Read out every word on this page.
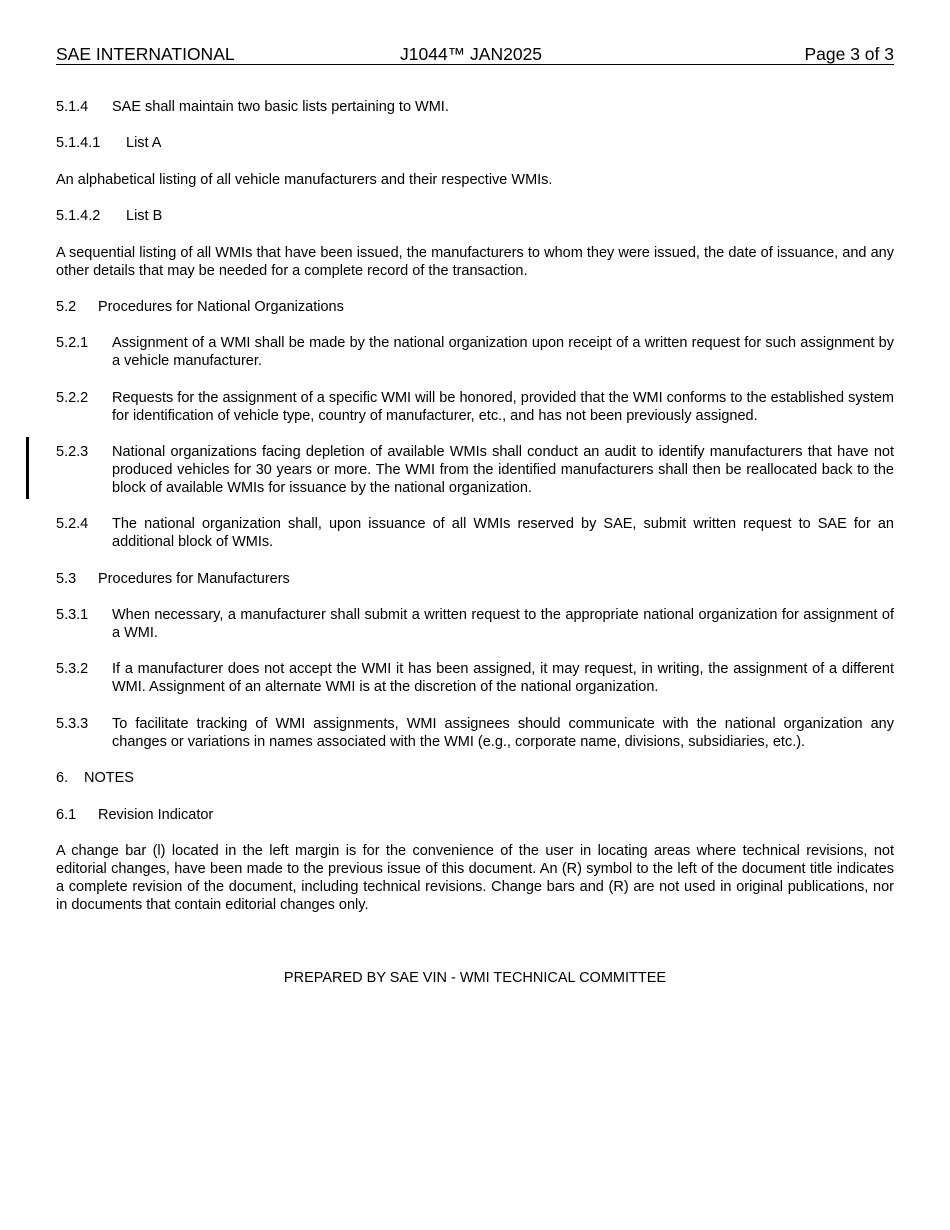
SAE INTERNATIONAL	J1044™ JAN2025	Page 3 of 3
5.1.4 SAE shall maintain two basic lists pertaining to WMI.
5.1.4.1 List A
An alphabetical listing of all vehicle manufacturers and their respective WMIs.
5.1.4.2 List B
A sequential listing of all WMIs that have been issued, the manufacturers to whom they were issued, the date of issuance, and any other details that may be needed for a complete record of the transaction.
5.2 Procedures for National Organizations
5.2.1 Assignment of a WMI shall be made by the national organization upon receipt of a written request for such assignment by a vehicle manufacturer.
5.2.2 Requests for the assignment of a specific WMI will be honored, provided that the WMI conforms to the established system for identification of vehicle type, country of manufacturer, etc., and has not been previously assigned.
5.2.3 National organizations facing depletion of available WMIs shall conduct an audit to identify manufacturers that have not produced vehicles for 30 years or more. The WMI from the identified manufacturers shall then be reallocated back to the block of available WMIs for issuance by the national organization.
5.2.4 The national organization shall, upon issuance of all WMIs reserved by SAE, submit written request to SAE for an additional block of WMIs.
5.3 Procedures for Manufacturers
5.3.1 When necessary, a manufacturer shall submit a written request to the appropriate national organization for assignment of a WMI.
5.3.2 If a manufacturer does not accept the WMI it has been assigned, it may request, in writing, the assignment of a different WMI. Assignment of an alternate WMI is at the discretion of the national organization.
5.3.3 To facilitate tracking of WMI assignments, WMI assignees should communicate with the national organization any changes or variations in names associated with the WMI (e.g., corporate name, divisions, subsidiaries, etc.).
6. NOTES
6.1 Revision Indicator
A change bar (l) located in the left margin is for the convenience of the user in locating areas where technical revisions, not editorial changes, have been made to the previous issue of this document. An (R) symbol to the left of the document title indicates a complete revision of the document, including technical revisions. Change bars and (R) are not used in original publications, nor in documents that contain editorial changes only.
PREPARED BY SAE VIN - WMI TECHNICAL COMMITTEE
